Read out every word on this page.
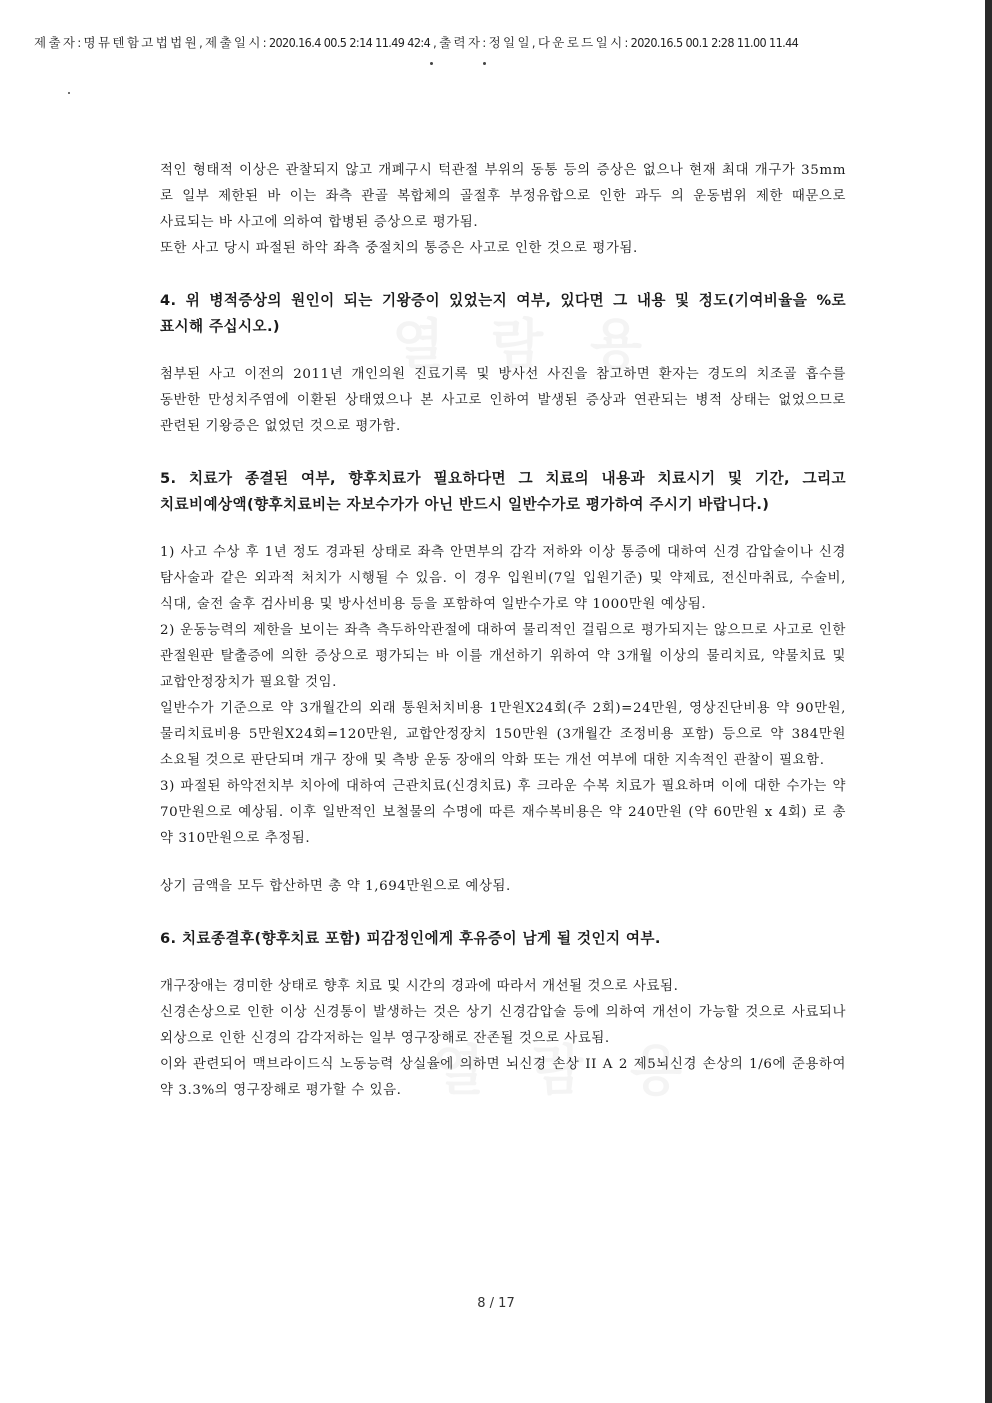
제 출 자 : 명 뮤 텐 함 고 법 법 원 , 제 출 일 시 : 2020.16.4 00.5 2:14 11.49 42:4 , 출 력 자 : 정 일 일 , 다 운 로 드 일 시 : 2020.16.5 00.1 2:28 11.00 11.44

적인 형태적 이상은 관찰되지 않고 개폐구시 턱관절 부위의 동통 등의 증상은 없으나 현재 최대 개구가 35mm 로 일부 제한된 바 이는 좌측 관골 복합체의 골절후 부정유합으로 인한 과두 의 운동범위 제한 때문으로 사료되는 바 사고에 의하여 합병된 증상으로 평가됨.

또한 사고 당시 파절된 하악 좌측 중절치의 통증은 사고로 인한 것으로 평가됨.

4. 위 병적증상의 원인이 되는 기왕증이 있었는지 여부, 있다면 그 내용 및 정도(기여비율을 %로 표시해 주십시오.)

첨부된 사고 이전의 2011년 개인의원 진료기록 및 방사선 사진을 참고하면 환자는 경도의 치조골 흡수를 동반한 만성치주염에 이환된 상태였으나 본 사고로 인하여 발생된 증상과 연관되는 병적 상태는 없었으므로 관련된 기왕증은 없었던 것으로 평가함.

5. 치료가 종결된 여부, 향후치료가 필요하다면 그 치료의 내용과 치료시기 및 기간, 그리고 치료비예상액(향후치료비는 자보수가가 아닌 반드시 일반수가로 평가하여 주시기 바랍니다.)

1) 사고 수상 후 1년 정도 경과된 상태로 좌측 안면부의 감각 저하와 이상 통증에 대하여 신경 감압술이나 신경 탐사술과 같은 외과적 처치가 시행될 수 있음. 이 경우 입원비(7일 입원기준) 및 약제료, 전신마취료, 수술비, 식대, 술전 술후 검사비용 및 방사선비용 등을 포함하여 일반수가로 약 1000만원 예상됨.

2) 운동능력의 제한을 보이는 좌측 측두하악관절에 대하여 물리적인 걸림으로 평가되지는 않으므로 사고로 인한 관절원판 탈출증에 의한 증상으로 평가되는 바 이를 개선하기 위하여 약 3개월 이상의 물리치료, 약물치료 및 교합안정장치가 필요할 것임.

일반수가 기준으로 약 3개월간의 외래 통원처치비용 1만원X24회(주 2회)=24만원, 영상진단비용 약 90만원, 물리치료비용 5만원X24회=120만원, 교합안정장치 150만원 (3개월간 조정비용 포함) 등으로 약 384만원 소요될 것으로 판단되며 개구 장애 및 측방 운동 장애의 악화 또는 개선 여부에 대한 지속적인 관찰이 필요함.

3) 파절된 하악전치부 치아에 대하여 근관치료(신경치료) 후 크라운 수복 치료가 필요하며 이에 대한 수가는 약 70만원으로 예상됨. 이후 일반적인 보철물의 수명에 따른 재수복비용은 약 240만원 (약 60만원 x 4회) 로 총 약 310만원으로 추정됨.

상기 금액을 모두 합산하면 총 약 1,694만원으로 예상됨.

6. 치료종결후(향후치료 포함) 피감정인에게 후유증이 남게 될 것인지 여부.

개구장애는 경미한 상태로 향후 치료 및 시간의 경과에 따라서 개선될 것으로 사료됨.

신경손상으로 인한 이상 신경통이 발생하는 것은 상기 신경감압술 등에 의하여 개선이 가능할 것으로 사료되나 외상으로 인한 신경의 감각저하는 일부 영구장해로 잔존될 것으로 사료됨.

이와 관련되어 맥브라이드식 노동능력 상실율에 의하면 뇌신경 손상 II A 2 제5뇌신경 손상의 1/6에 준용하여 약 3.3%의 영구장해로 평가할 수 있음.

8 / 17
